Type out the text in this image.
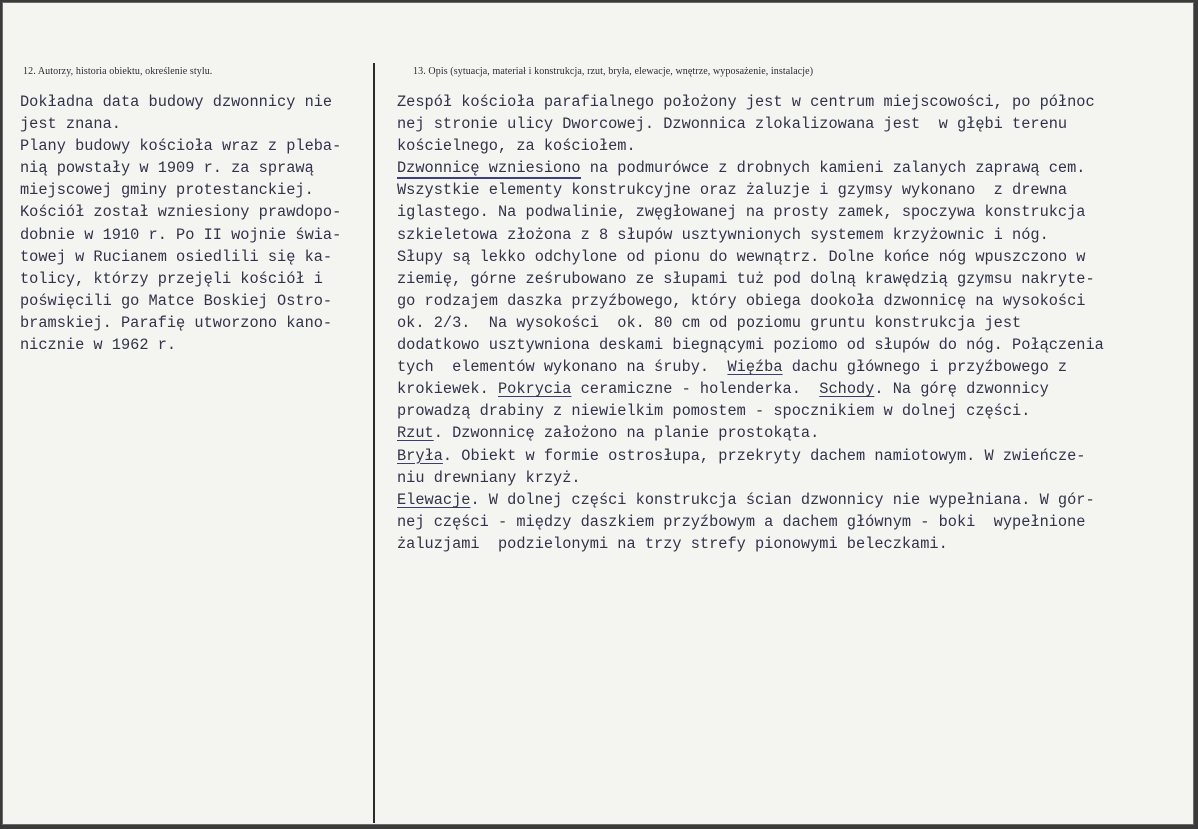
12. Autorzy, historia obiektu, określenie stylu.	13. Opis (sytuacja, materiał i konstrukcja, rzut, bryła, elewacje, wnętrze, wyposażenie, instalacje)
Dokładna data budowy dzwonnicy nie
jest znana.
Plany budowy kościoła wraz z pleba-
nią powstały w 1909 r. za sprawą
miejscowej gminy protestanckiej.
Kościół został wzniesiony prawdopo-
dobnie w 1910 r. Po II wojnie świa-
towej w Rucianem osiedlili się ka-
tolicy, którzy przejęli kościół i
poświęcili go Matce Boskiej Ostro-
bramskiej. Parafię utworzono kano-
nicznie w 1962 r.
Zespół kościoła parafialnego położony jest w centrum miejscowości, po północ
nej stronie ulicy Dworcowej. Dzwonnica zlokalizowana jest  w głębi terenu
kościelnego, za kościołem.
Dzwonnicę wzniesiono na podmurówce z drobnych kamieni zalanych zaprawą cem.
Wszystkie elementy konstrukcyjne oraz żaluzje i gzymsy wykonano  z drewna
iglastego. Na podwalinie, zwęgłowanej na prosty zamek, spoczywa konstrukcja
szkieletowa złożona z 8 słupów usztywnionych systemem krzyżownic i nóg.
Słupy są lekko odchylone od pionu do wewnątrz. Dolne końce nóg wpuszczono w
ziemię, górne ześrubowano ze słupami tuż pod dolną krawędzią gzymsu nakryte-
go rodzajem daszka przyźbowego, który obiega dookoła dzwonnicę na wysokości
ok. 2/3.  Na wysokości  ok. 80 cm od poziomu gruntu konstrukcja jest
dodatkowo usztywniona deskami biegnącymi poziomo od słupów do nóg. Połączenia
tych  elementów wykonano na śruby.  Więźba dachu głównego i przyźbowego z
krokiewek. Pokrycia ceramiczne - holenderka.  Schody. Na górę dzwonnicy
prowadzą drabiny z niewielkim pomostem - spocznikiem w dolnej części.
Rzut. Dzwonnicę założono na planie prostokąta.
Bryła. Obiekt w formie ostrosłupa, przekryty dachem namiotowym. W zwieńcze-
niu drewniany krzyż.
Elewacje. W dolnej części konstrukcja ścian dzwonnicy nie wypełniana. W gór-
nej części - między daszkiem przyźbowym a dachem głównym - boki  wypełnione
żaluzjami  podzielonymi na trzy strefy pionowymi beleczkami.
